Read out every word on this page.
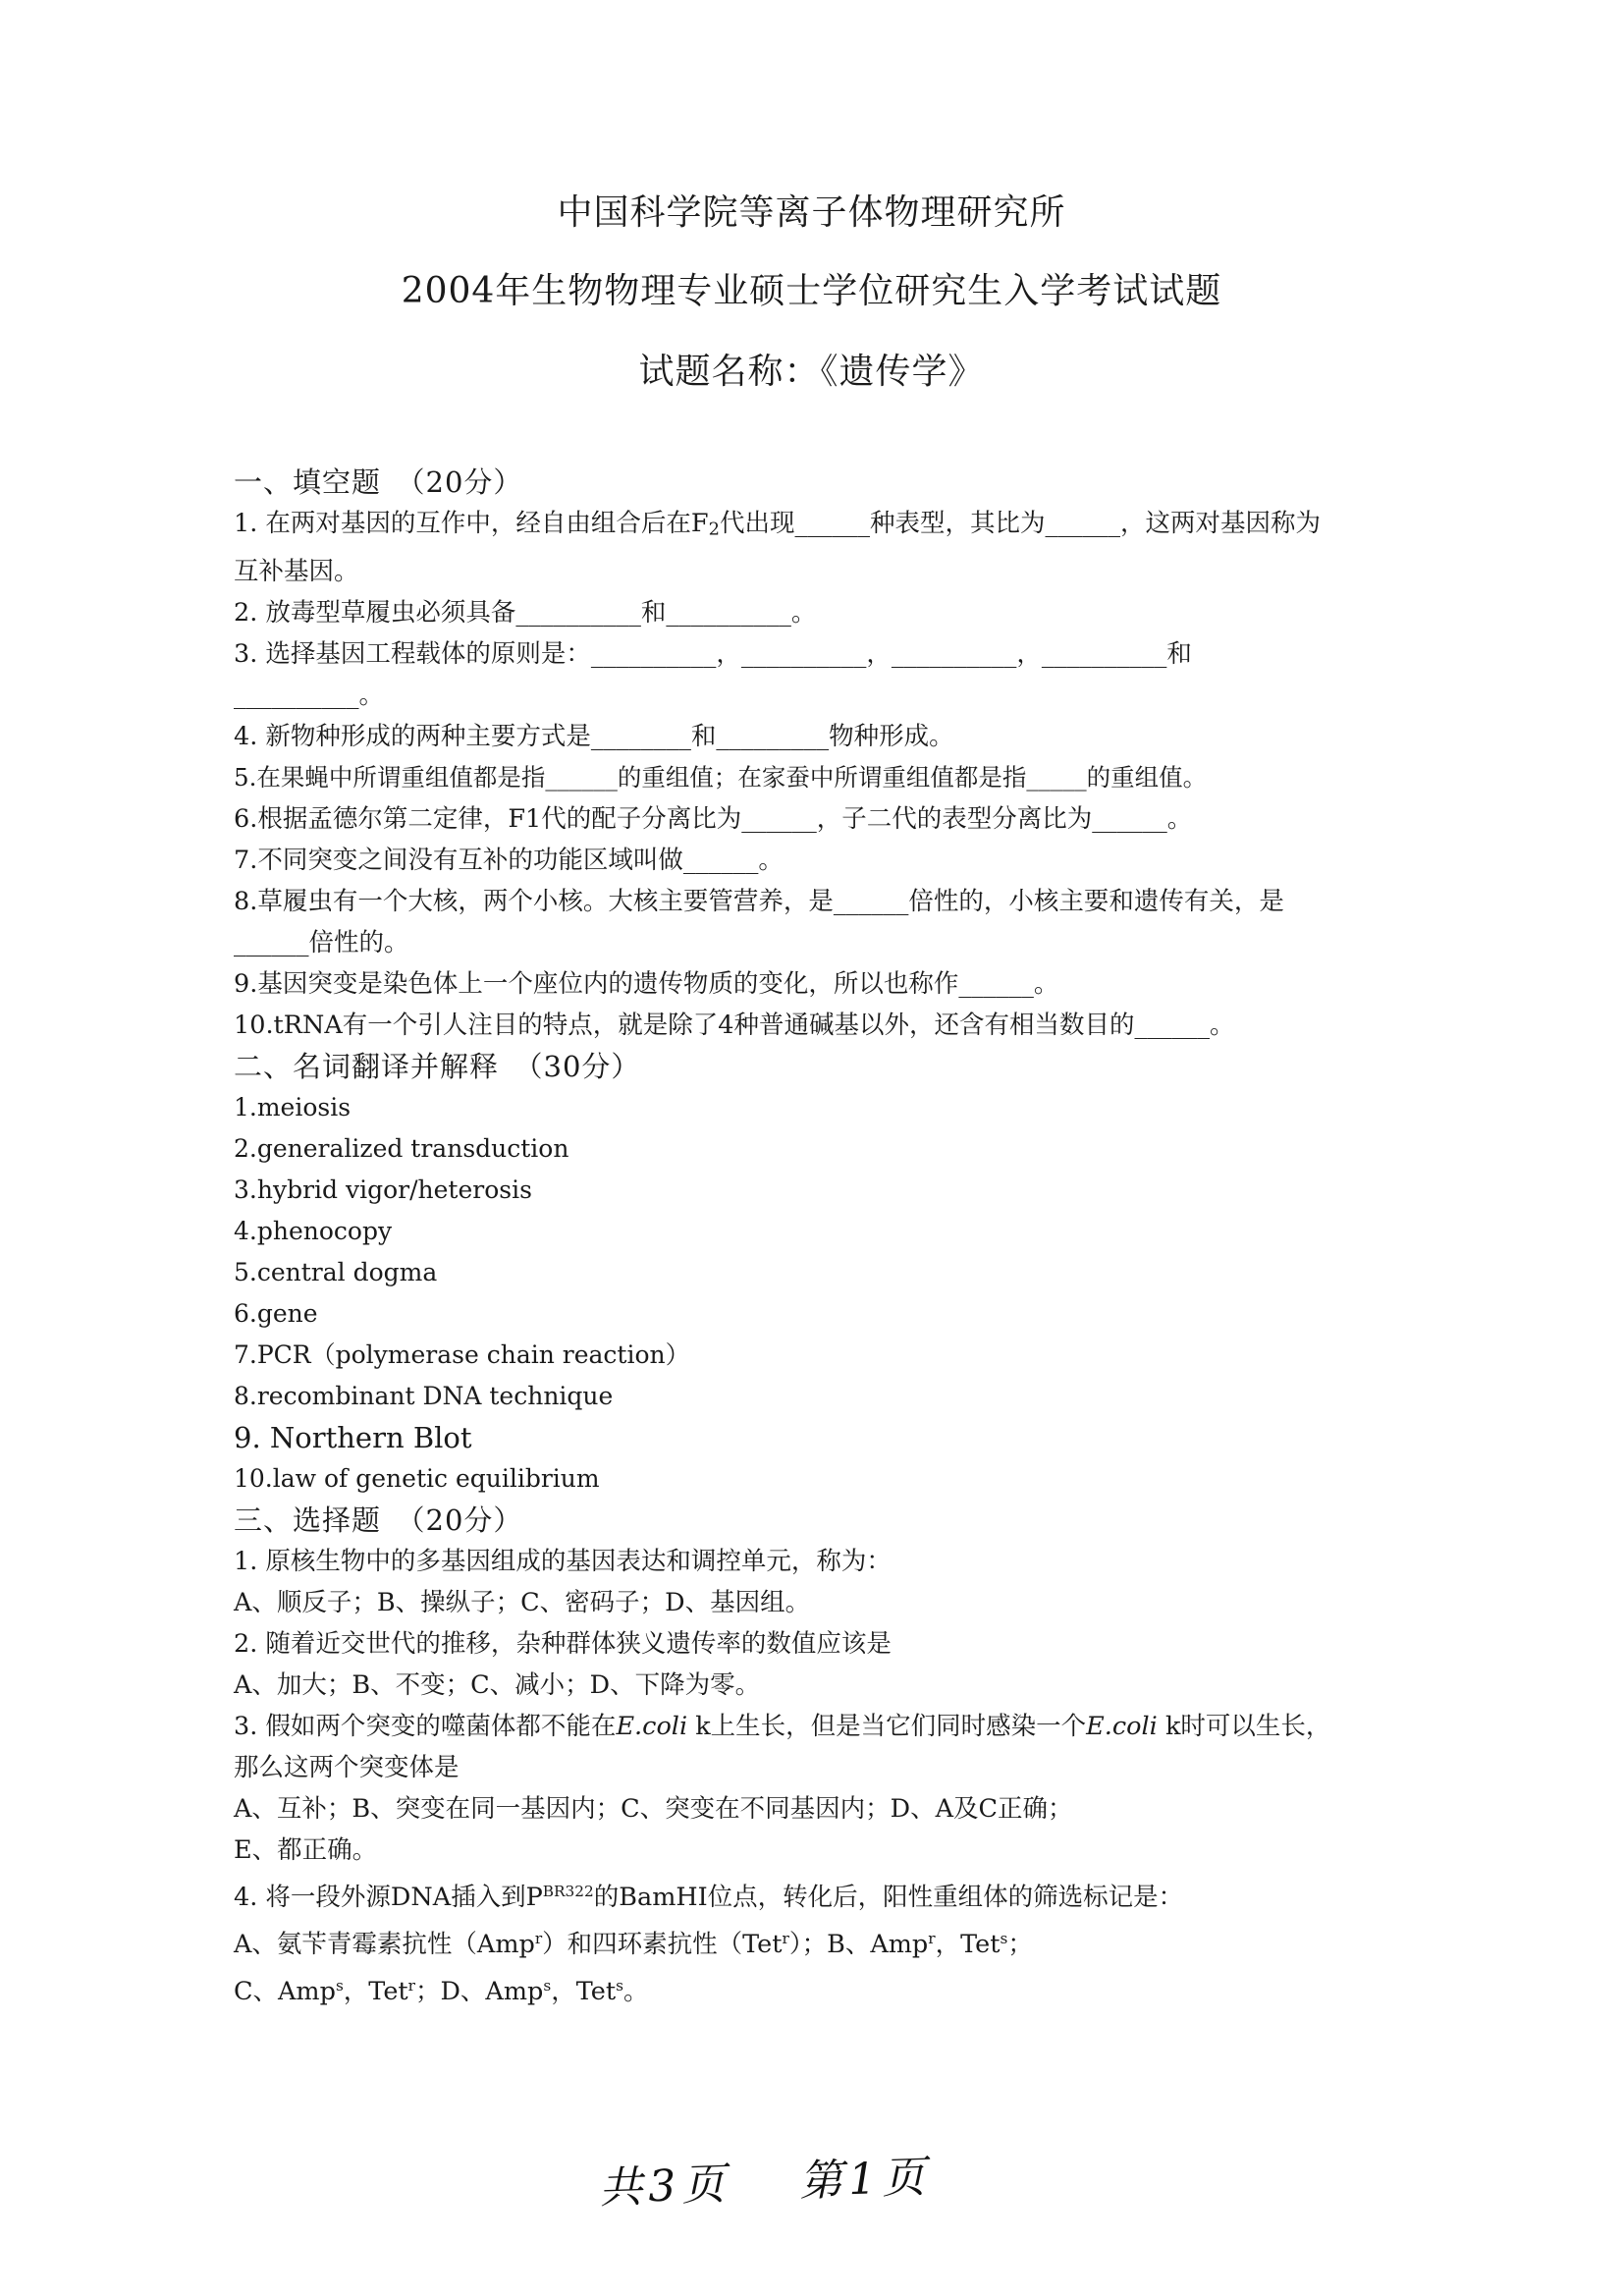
中国科学院等离子体物理研究所
2004年生物物理专业硕士学位研究生入学考试试题
试题名称：《遗传学》

一、填空题　（20分）

1. 在两对基因的互作中，经自由组合后在F2代出现______种表型，其比为______，这两对基因称为互补基因。

2. 放毒型草履虫必须具备__________和__________。

3. 选择基因工程载体的原则是：__________，__________，__________，__________和__________。

4. 新物种形成的两种主要方式是________和_________物种形成。

5.在果蝇中所谓重组值都是指______的重组值；在家蚕中所谓重组值都是指_____的重组值。

6.根据孟德尔第二定律，F1代的配子分离比为______，子二代的表型分离比为______。

7.不同突变之间没有互补的功能区域叫做______。

8.草履虫有一个大核，两个小核。大核主要管营养，是______倍性的，小核主要和遗传有关，是______倍性的。

9.基因突变是染色体上一个座位内的遗传物质的变化，所以也称作______。

10.tRNA有一个引人注目的特点，就是除了4种普通碱基以外，还含有相当数目的______。

二、名词翻译并解释　（30分）

1.meiosis

2.generalized transduction

3.hybrid vigor/heterosis

4.phenocopy

5.central dogma

6.gene

7.PCR（polymerase chain reaction）

8.recombinant DNA technique

9. Northern Blot

10.law of genetic equilibrium

三、选择题　（20分）

1. 原核生物中的多基因组成的基因表达和调控单元，称为：

A、顺反子；B、操纵子；C、密码子；D、基因组。

2. 随着近交世代的推移，杂种群体狭义遗传率的数值应该是

A、加大；B、不变；C、减小；D、下降为零。

3. 假如两个突变的噬菌体都不能在E.coli k上生长，但是当它们同时感染一个E.coli k时可以生长，那么这两个突变体是

A、互补；B、突变在同一基因内；C、突变在不同基因内；D、A及C正确；

E、都正确。

4. 将一段外源DNA插入到$P^{BR322}$的BamHI位点，转化后，阳性重组体的筛选标记是：

A、氨苄青霉素抗性（Amp$^r$）和四环素抗性（Tet$^r$）；B、Amp$^r$，Tet$^s$；

C、Amp$^s$，Tet$^r$；D、Amp$^s$，Tet$^s$。

共3页 第1页
